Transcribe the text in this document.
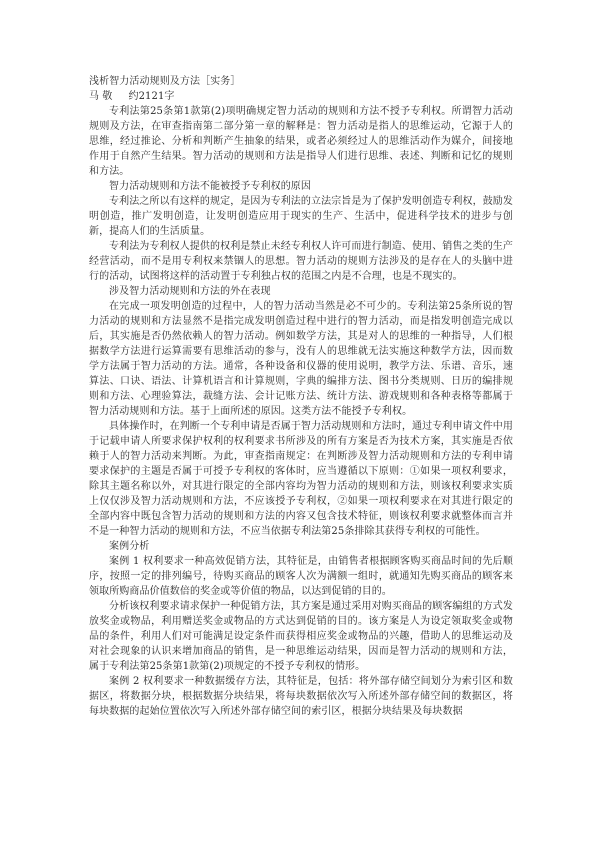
浅析智力活动规则及方法［实务］
马 敬 约2121字

专利法第25条第1款第(2)项明确规定智力活动的规则和方法不授予专利权。所谓智力活动规则及方法，在审查指南第二部分第一章的解释是：智力活动是指人的思维运动，它源于人的思维，经过推论、分析和判断产生抽象的结果，或者必须经过人的思维活动作为媒介，间接地作用于自然产生结果。智力活动的规则和方法是指导人们进行思维、表述、判断和记忆的规则和方法。

智力活动规则和方法不能被授予专利权的原因

专利法之所以有这样的规定，是因为专利法的立法宗旨是为了保护发明创造专利权，鼓励发明创造，推广发明创造，让发明创造应用于现实的生产、生活中，促进科学技术的进步与创新，提高人们的生活质量。

专利法为专利权人提供的权利是禁止未经专利权人许可而进行制造、使用、销售之类的生产经营活动，而不是用专利权来禁锢人的思想。智力活动的规则方法涉及的是存在人的头脑中进行的活动，试图将这样的活动置于专利独占权的范围之内是不合理，也是不现实的。

涉及智力活动规则和方法的外在表现

在完成一项发明创造的过程中，人的智力活动当然是必不可少的。专利法第25条所说的智力活动的规则和方法显然不是指完成发明创造过程中进行的智力活动，而是指发明创造完成以后，其实施是否仍然依赖人的智力活动。例如数学方法，其是对人的思维的一种指导，人们根据数学方法进行运算需要有思维活动的参与，没有人的思维就无法实施这种数学方法，因而数学方法属于智力活动的方法。通常，各种设备和仪器的使用说明，教学方法、乐谱、音乐，速算法、口诀、语法、计算机语言和计算规则，字典的编排方法、图书分类规则、日历的编排规则和方法、心理验算法，裁缝方法、会计记账方法、统计方法、游戏规则和各种表格等都属于智力活动规则和方法。基于上面所述的原因。这类方法不能授予专利权。

具体操作时，在判断一个专利申请是否属于智力活动规则和方法时，通过专利申请文件中用于记载申请人所要求保护权利的权利要求书所涉及的所有方案是否为技术方案，其实施是否依赖于人的智力活动来判断。为此，审查指南规定：在判断涉及智力活动规则和方法的专利申请要求保护的主题是否属于可授予专利权的客体时，应当遵循以下原则：①如果一项权利要求，除其主题名称以外，对其进行限定的全部内容均为智力活动的规则和方法，则该权利要求实质上仅仅涉及智力活动规则和方法，不应该授予专利权，②如果一项权利要求在对其进行限定的全部内容中既包含智力活动的规则和方法的内容又包含技术特征，则该权利要求就整体而言并不是一种智力活动的规则和方法，不应当依据专利法第25条排除其获得专利权的可能性。

案例分析

案例 1 权利要求一种高效促销方法，其特征是，由销售者根据顾客购买商品时间的先后顺序，按照一定的排列编号，待购买商品的顾客人次为满额一组时，就通知先购买商品的顾客来领取所购商品价值数倍的奖金或等价值的物品，以达到促销的目的。

分析该权利要求请求保护一种促销方法，其方案是通过采用对购买商品的顾客编组的方式发放奖金或物品，利用赠送奖金或物品的方式达到促销的目的。该方案是人为设定领取奖金或物品的条件，利用人们对可能满足设定条件而获得相应奖金或物品的兴趣，借助人的思维运动及对社会现象的认识来增加商品的销售，是一种思维运动结果，因而是智力活动的规则和方法，属于专利法第25条第1款第(2)项规定的不授予专利权的情形。

案例 2 权利要求一种数据缓存方法，其特征是，包括：将外部存储空间划分为索引区和数据区，将数据分块，根据数据分块结果，将每块数据依次写入所述外部存储空间的数据区，将每块数据的起始位置依次写入所述外部存储空间的索引区，根据分块结果及每块数据
